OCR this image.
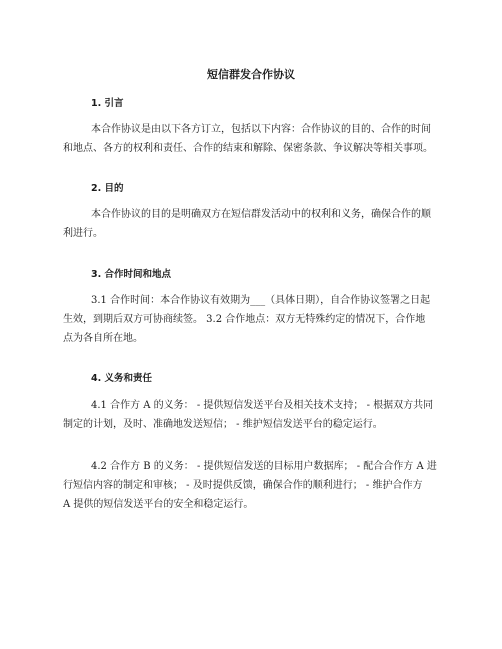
短信群发合作协议
1. 引言
本合作协议是由以下各方订立，包括以下内容：合作协议的目的、合作的时间
和地点、各方的权利和责任、合作的结束和解除、保密条款、争议解决等相关事项。
2. 目的
本合作协议的目的是明确双方在短信群发活动中的权利和义务，确保合作的顺
利进行。
3. 合作时间和地点
3.1 合作时间：本合作协议有效期为___（具体日期），自合作协议签署之日起
生效，到期后双方可协商续签。 3.2 合作地点：双方无特殊约定的情况下，合作地
点为各自所在地。
4. 义务和责任
4.1 合作方 A 的义务： - 提供短信发送平台及相关技术支持； - 根据双方共同
制定的计划，及时、准确地发送短信； - 维护短信发送平台的稳定运行。
4.2 合作方 B 的义务： - 提供短信发送的目标用户数据库； - 配合合作方 A 进
行短信内容的制定和审核； - 及时提供反馈，确保合作的顺利进行； - 维护合作方
A 提供的短信发送平台的安全和稳定运行。
